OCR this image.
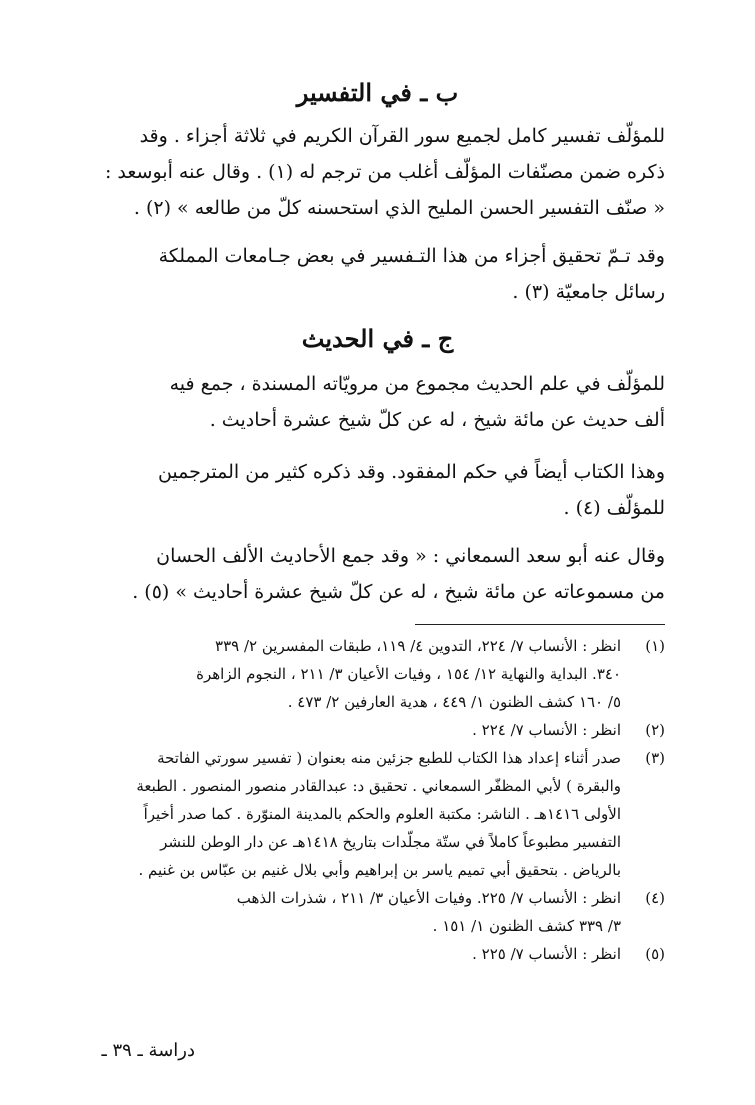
ب ـ في التفسير
للمؤلّف تفسير كامل لجميع سور القرآن الكريم في ثلاثة أجزاء . وقد
ذكره ضمن مصنّفات المؤلّف أغلب من ترجم له (١) . وقال عنه أبوسعد :
« صنّف التفسير الحسن المليح الذي استحسنه كلّ من طالعه » (٢) .
وقد تـمّ تحقيق أجزاء من هذا التـفسير في بعض جـامعات المملكة
رسائل جامعيّة (٣) .
ج ـ في الحديث
للمؤلّف في علم الحديث مجموع من مرويّاته المسندة ، جمع فيه
ألف حديث عن مائة شيخ ، له عن كلّ شيخ عشرة أحاديث .
وهذا الكتاب أيضاً في حكم المفقود. وقد ذكره كثير من المترجمين
للمؤلّف (٤) .
وقال عنه أبو سعد السمعاني : « وقد جمع الأحاديث الألف الحسان
من مسموعاته عن مائة شيخ ، له عن كلّ شيخ عشرة أحاديث » (٥) .
(١)
انظر : الأنساب ٧/ ٢٢٤، التدوين ٤/ ١١٩، طبقات المفسرين ٢/ ٣٣٩
٣٤٠. البداية والنهاية ١٢/ ١٥٤ ، وفيات الأعيان ٣/ ٢١١ ، النجوم الزاهرة
٥/ ١٦٠ كشف الظنون ١/ ٤٤٩ ، هدية العارفين ٢/ ٤٧٣ .
(٢)
انظر : الأنساب ٧/ ٢٢٤ .
(٣)
صدر أثناء إعداد هذا الكتاب للطبع جزئين منه بعنوان ( تفسير سورتي الفاتحة
والبقرة ) لأبي المظفّر السمعاني . تحقيق د: عبدالقادر منصور المنصور . الطبعة
الأولى ١٤١٦هـ . الناشر: مكتبة العلوم والحكم بالمدينة المنوّرة . كما صدر أخيراً
التفسير مطبوعاً كاملاً في ستّة مجلّدات بتاريخ ١٤١٨هـ عن دار الوطن للنشر
بالرياض . بتحقيق أبي تميم ياسر بن إبراهيم وأبي بلال غنيم بن عبّاس بن غنيم .
(٤)
انظر : الأنساب ٧/ ٢٢٥. وفيات الأعيان ٣/ ٢١١ ، شذرات الذهب
٣/ ٣٣٩ كشف الظنون ١/ ١٥١ .
(٥)
انظر : الأنساب ٧/ ٢٢٥ .
دراسة ـ ٣٩ ـ
